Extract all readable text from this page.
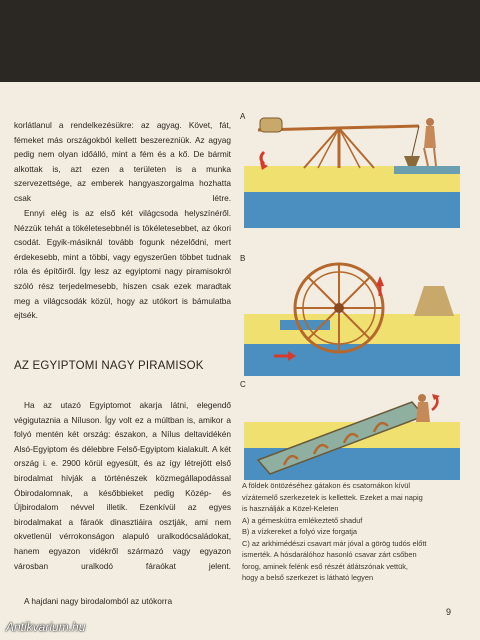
korlátlanul a rendelkezésükre: az agyag. Követ, fát, fémeket más országokból kellett beszerezniük. Az agyag pedig nem olyan időálló, mint a fém és a kő. De bármit alkottak is, azt ezen a területen is a munka szervezettsége, az emberek hangyaszorgalma hozhatta csak létre.

Ennyi elég is az első két világcsoda helyszínéről. Nézzük tehát a tökéletesebbnél is tökéletesebbet, az ókori csodát. Egyik-másiknál tovább fogunk nézelődni, mert érdekesebb, mint a többi, vagy egyszerűen többet tudnak róla és építőiről. Így lesz az egyiptomi nagy piramisokról szóló rész terjedelmesebb, hiszen csak ezek maradtak meg a világcsodák közül, hogy az utókort is bámulatba ejtsék.

AZ EGYIPTOMI NAGY PIRAMISOK

Ha az utazó Egyiptomot akarja látni, elegendő végigutaznia a Níluson. Így volt ez a múltban is, amikor a folyó mentén két ország: északon, a Nílus deltavidékén Alsó-Egyiptom és délebbre Felső-Egyiptom kialakult. A két ország i. e. 2900 körül egyesült, és az így létrejött első birodalmat hívják a történészek közmegállapodással Óbirodalomnak, a későbbieket pedig Közép- és Újbirodalom névvel illetik. Ezenkívül az egyes birodalmakat a fáraók dinasztiáira osztják, ami nem okvetlenül vérrokonságon alapuló uralkodócsaládokat, hanem egyazon vidékről származó vagy egyazon városban uralkodó fáraókat jelent.

A hajdani nagy birodalomból az utókorra

A
B
C
A földek öntözéséhez gátakon és csatornákon kívül
vízátemelő szerkezetek is kellettek. Ezeket a mai napig
is használják a Közel-Keleten
A) a gémeskútra emlékeztető shaduf
B) a vízkereket a folyó vize forgatja
C) az arkhimédészi csavart már jóval a görög tudós előtt
ismerték. A hósdarálóhoz hasonló csavar zárt csőben
forog, aminek felénk eső részét átlátszónak vettük,
hogy a belső szerkezet is látható legyen
9
Antikvarium.hu
